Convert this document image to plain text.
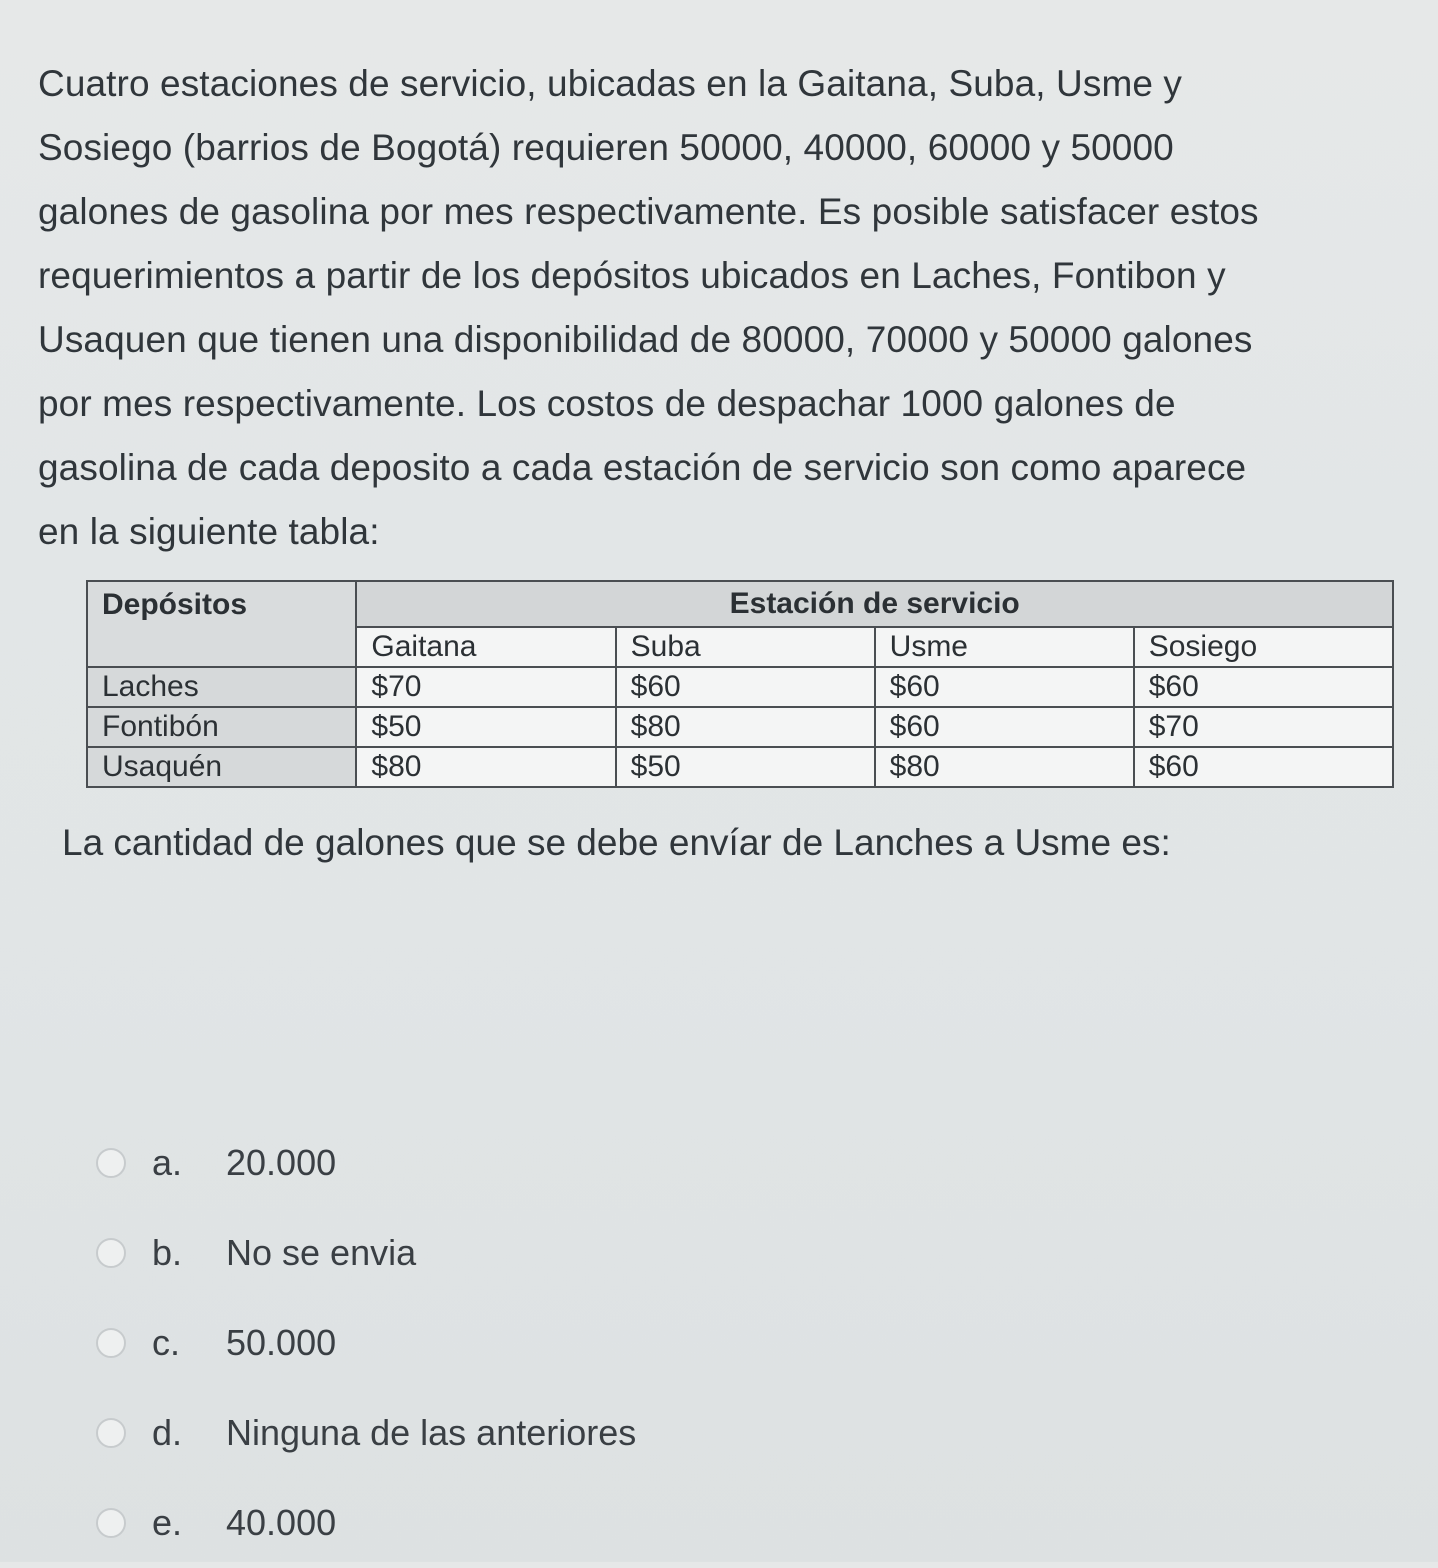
Cuatro estaciones de servicio, ubicadas en la Gaitana, Suba, Usme y

Sosiego (barrios de Bogotá) requieren 50000, 40000, 60000 y 50000

galones de gasolina por mes respectivamente. Es posible satisfacer estos

requerimientos a partir de los depósitos ubicados en Laches, Fontibon y

Usaquen que tienen una disponibilidad de 80000, 70000 y 50000 galones

por mes respectivamente. Los costos de despachar 1000 galones de

gasolina de cada deposito a cada estación de servicio son como aparece

en la siguiente tabla:

Depósitos	Estación de servicio			
	Gaitana	Suba	Usme	Sosiego
Laches	$70	$60	$60	$60
Fontibón	$50	$80	$60	$70
Usaquén	$80	$50	$80	$60
La cantidad de galones que se debe envíar de Lanches a Usme es:
a.	20.000
b.	No se envia
c.	50.000
d.	Ninguna de las anteriores
e.	40.000
